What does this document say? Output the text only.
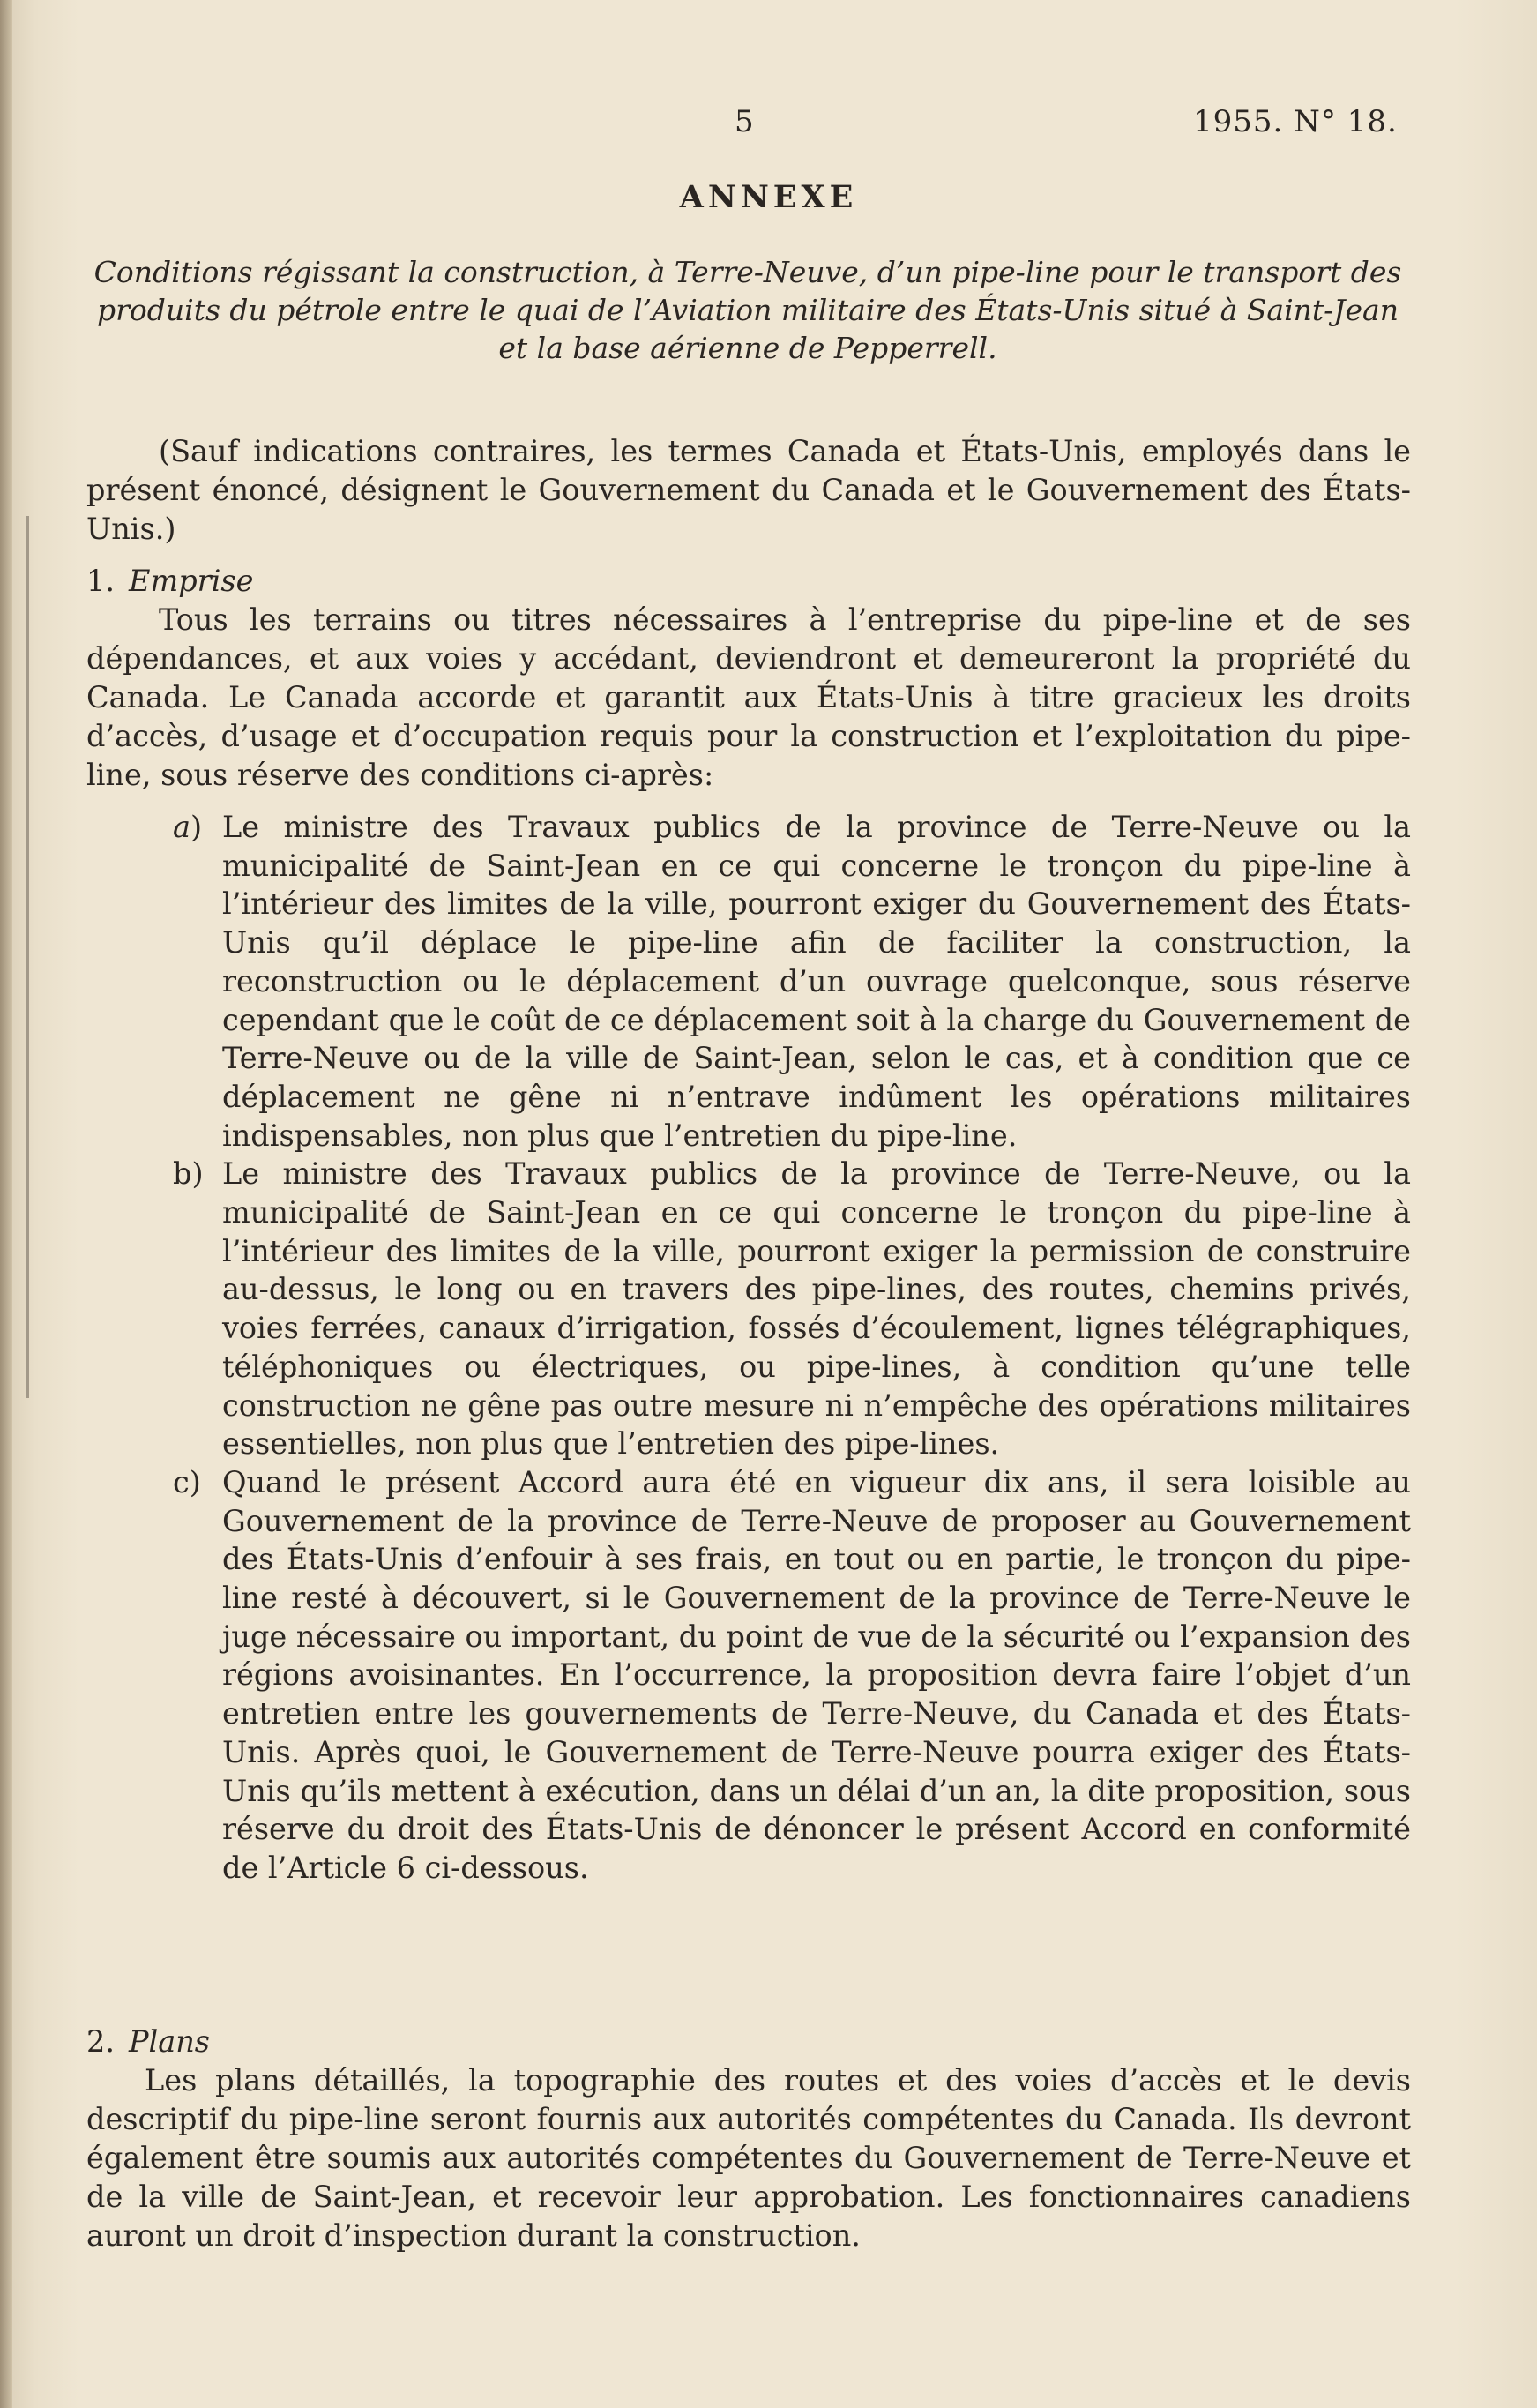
5	1955. N° 18.
ANNEXE
Conditions régissant la construction, à Terre-Neuve, d’un pipe-line pour le transport des produits du pétrole entre le quai de l’Aviation militaire des États-Unis situé à Saint-Jean et la base aérienne de Pepperrell.
(Sauf indications contraires, les termes Canada et États-Unis, employés dans le présent énoncé, désignent le Gouvernement du Canada et le Gouvernement des États-Unis.)
1. Emprise
Tous les terrains ou titres nécessaires à l’entreprise du pipe-line et de ses dépendances, et aux voies y accédant, deviendront et demeureront la propriété du Canada. Le Canada accorde et garantit aux États-Unis à titre gracieux les droits d’accès, d’usage et d’occupation requis pour la construction et l’exploitation du pipe-line, sous réserve des conditions ci-après:
a) Le ministre des Travaux publics de la province de Terre-Neuve ou la municipalité de Saint-Jean en ce qui concerne le tronçon du pipe-line à l’intérieur des limites de la ville, pourront exiger du Gouvernement des États-Unis qu’il déplace le pipe-line afin de faciliter la construction, la reconstruction ou le déplacement d’un ouvrage quelconque, sous réserve cependant que le coût de ce déplacement soit à la charge du Gouvernement de Terre-Neuve ou de la ville de Saint-Jean, selon le cas, et à condition que ce déplacement ne gêne ni n’entrave indûment les opérations militaires indispensables, non plus que l’entretien du pipe-line.
b) Le ministre des Travaux publics de la province de Terre-Neuve, ou la municipalité de Saint-Jean en ce qui concerne le tronçon du pipe-line à l’intérieur des limites de la ville, pourront exiger la permission de construire au-dessus, le long ou en travers des pipe-lines, des routes, chemins privés, voies ferrées, canaux d’irrigation, fossés d’écoulement, lignes télégraphiques, téléphoniques ou électriques, ou pipe-lines, à condition qu’une telle construction ne gêne pas outre mesure ni n’empêche des opérations militaires essentielles, non plus que l’entretien des pipe-lines.
c) Quand le présent Accord aura été en vigueur dix ans, il sera loisible au Gouvernement de la province de Terre-Neuve de proposer au Gouvernement des États-Unis d’enfouir à ses frais, en tout ou en partie, le tronçon du pipe-line resté à découvert, si le Gouvernement de la province de Terre-Neuve le juge nécessaire ou important, du point de vue de la sécurité ou l’expansion des régions avoisinantes. En l’occurrence, la proposition devra faire l’objet d’un entretien entre les gouvernements de Terre-Neuve, du Canada et des États-Unis. Après quoi, le Gouvernement de Terre-Neuve pourra exiger des États-Unis qu’ils mettent à exécution, dans un délai d’un an, la dite proposition, sous réserve du droit des États-Unis de dénoncer le présent Accord en conformité de l’Article 6 ci-dessous.
2. Plans
Les plans détaillés, la topographie des routes et des voies d’accès et le devis descriptif du pipe-line seront fournis aux autorités compétentes du Canada. Ils devront également être soumis aux autorités compétentes du Gouvernement de Terre-Neuve et de la ville de Saint-Jean, et recevoir leur approbation. Les fonctionnaires canadiens auront un droit d’inspection durant la construction.
